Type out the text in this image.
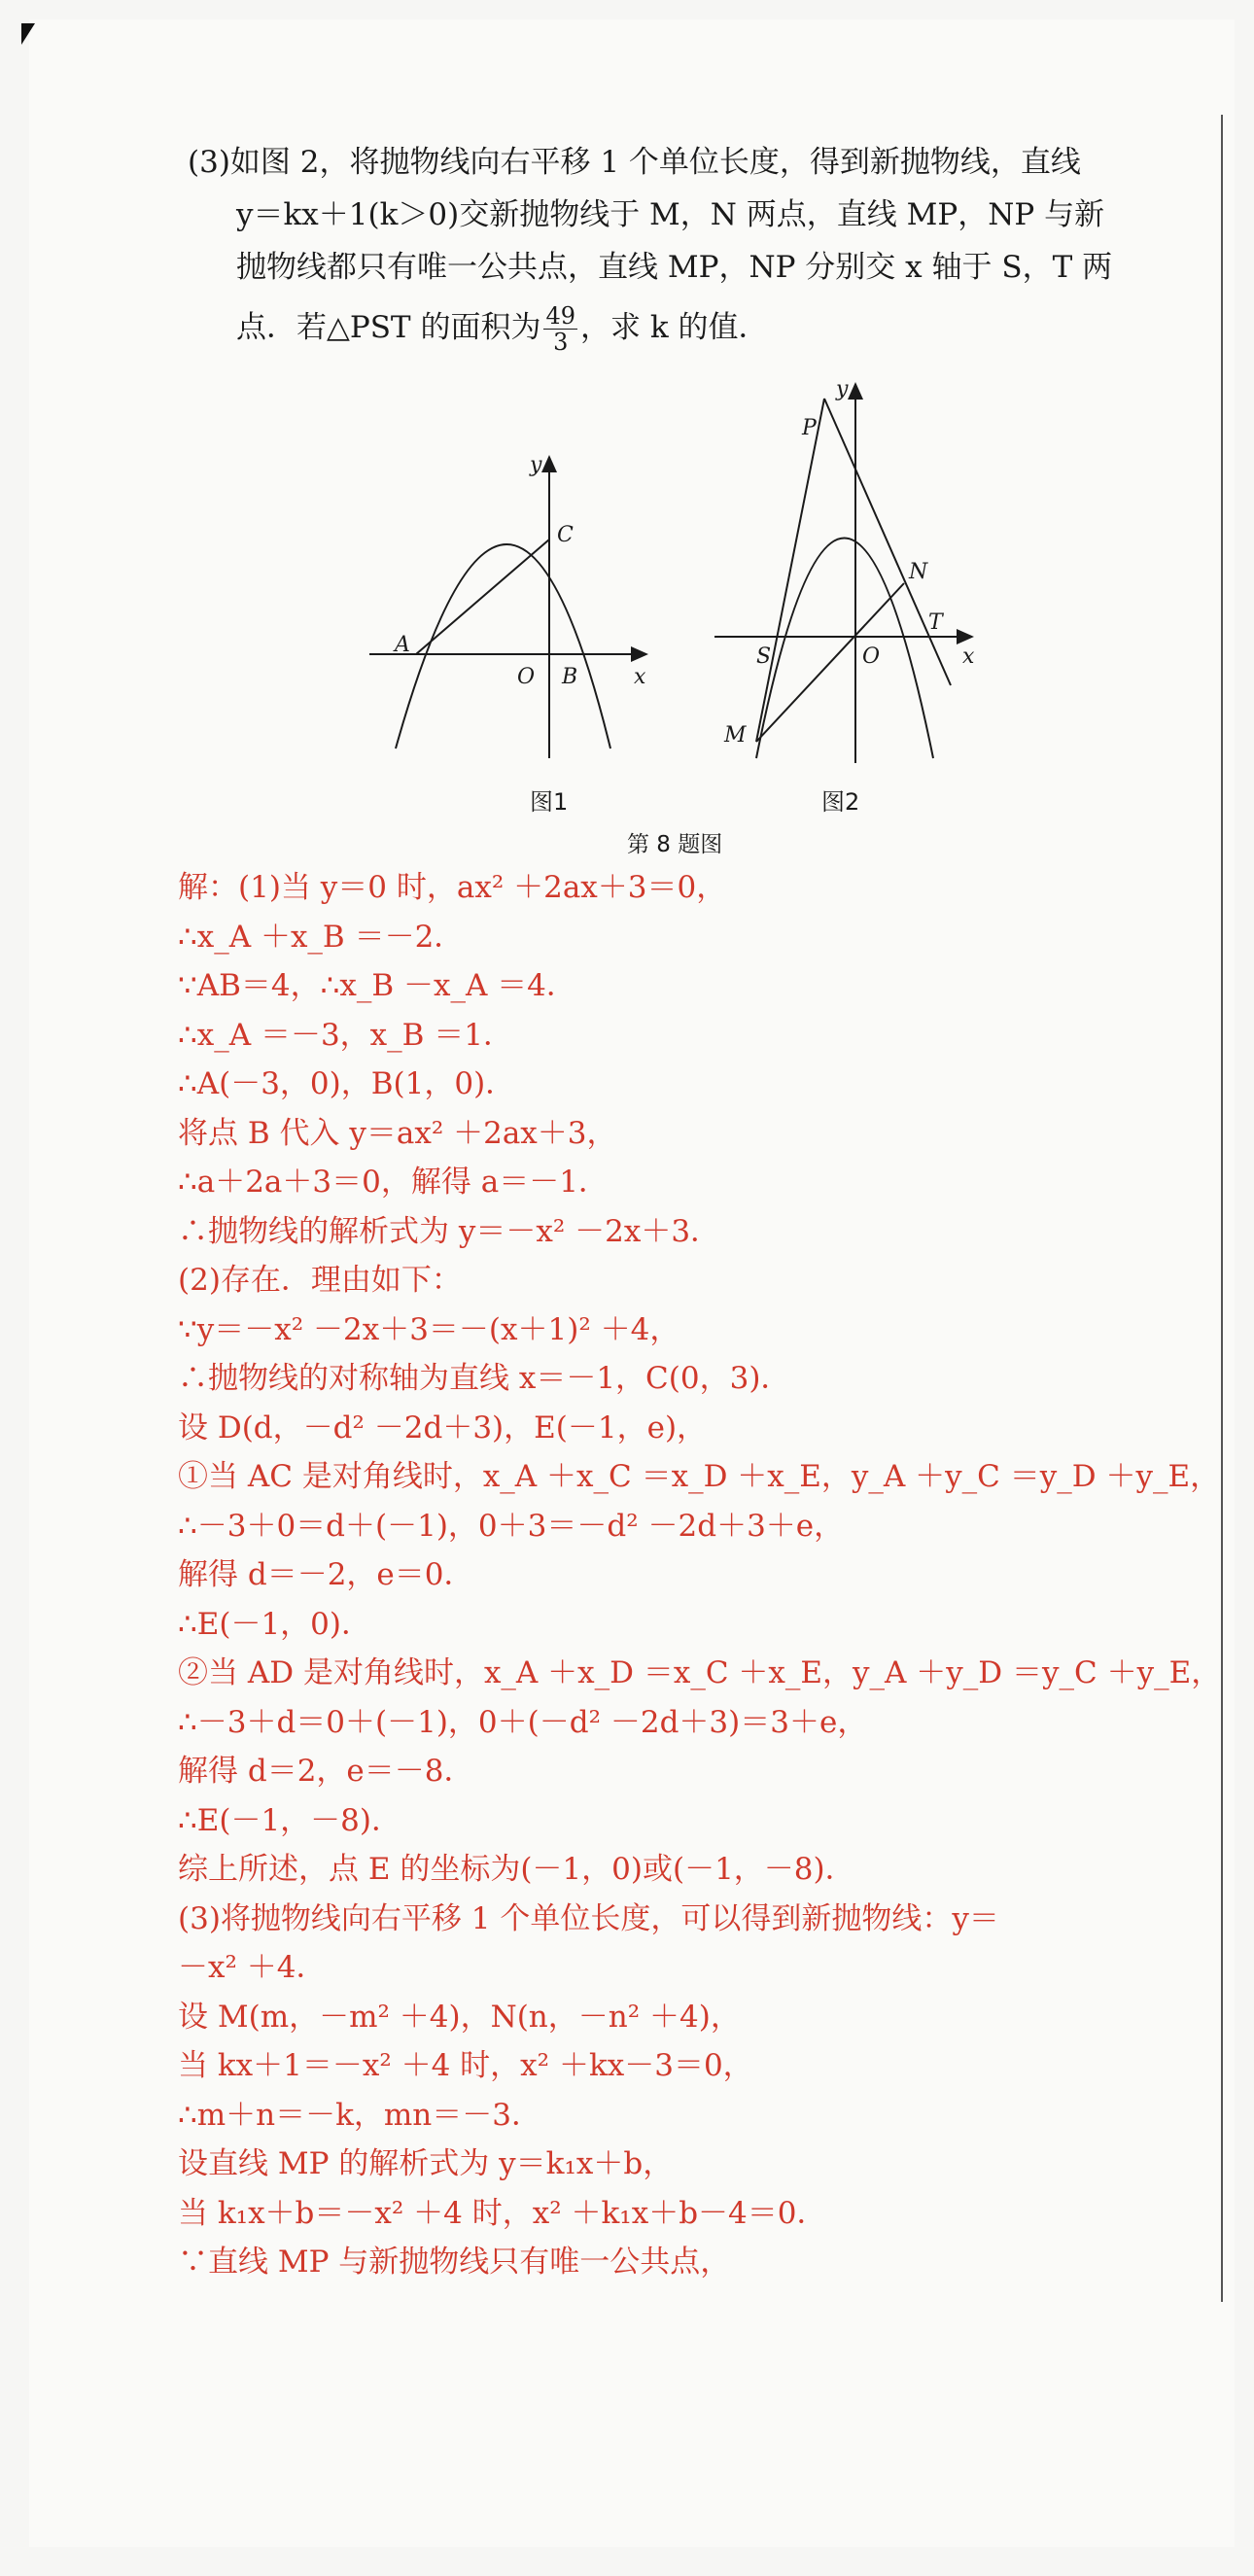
(3)如图 2，将抛物线向右平移 1 个单位长度，得到新抛物线，直线
y＝kx＋1(k＞0)交新抛物线于 M，N 两点，直线 MP，NP 与新
抛物线都只有唯一公共点，直线 MP，NP 分别交 x 轴于 S，T 两
点．若△PST 的面积为 $\frac{49}{3}$ ，求 k 的值．
y
C
A
O B	x
y
P
N
T
S	O	x
M
图1	图2
第 8 题图
解：(1)当 y＝0 时，ax² ＋2ax＋3＝0，
∴x_A ＋x_B ＝－2．
∵AB＝4，∴x_B －x_A ＝4．
∴x_A ＝－3，x_B ＝1．
∴A(－3，0)，B(1，0)．
将点 B 代入 y＝ax² ＋2ax＋3，
∴a＋2a＋3＝0，解得 a＝－1．
∴抛物线的解析式为 y＝－x² －2x＋3．
(2)存在．理由如下：
∵y＝－x² －2x＋3＝－(x＋1)² ＋4，
∴抛物线的对称轴为直线 x＝－1，C(0，3)．
设 D(d，－d² －2d＋3)，E(－1，e)，
①当 AC 是对角线时，x_A ＋x_C ＝x_D ＋x_E，y_A ＋y_C ＝y_D ＋y_E，
∴－3＋0＝d＋(－1)，0＋3＝－d² －2d＋3＋e，
解得 d＝－2，e＝0．
∴E(－1，0)．
②当 AD 是对角线时，x_A ＋x_D ＝x_C ＋x_E，y_A ＋y_D ＝y_C ＋y_E，
∴－3＋d＝0＋(－1)，0＋(－d² －2d＋3)＝3＋e，
解得 d＝2，e＝－8．
∴E(－1，－8)．
综上所述，点 E 的坐标为(－1，0)或(－1，－8)．
(3)将抛物线向右平移 1 个单位长度，可以得到新抛物线：y＝
－x² ＋4．
设 M(m，－m² ＋4)，N(n，－n² ＋4)，
当 kx＋1＝－x² ＋4 时，x² ＋kx－3＝0，
∴m＋n＝－k，mn＝－3．
设直线 MP 的解析式为 y＝k₁x＋b，
当 k₁x＋b＝－x² ＋4 时，x² ＋k₁x＋b－4＝0．
∵直线 MP 与新抛物线只有唯一公共点，
